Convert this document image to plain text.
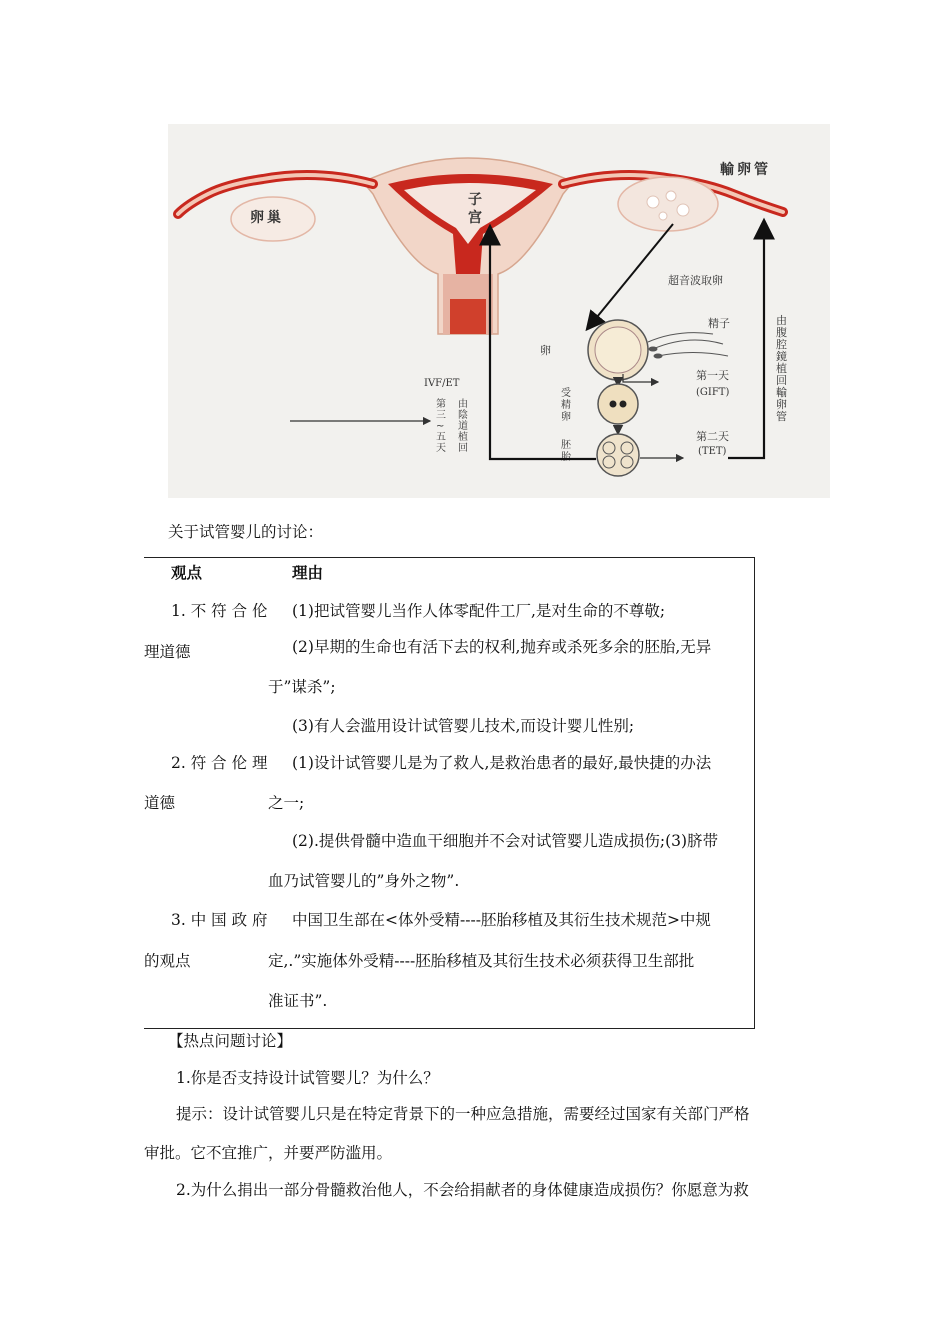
輸卵管
卵巢
子
宫
超音波取卵
卵
精子
第一天
(GIFT)
受
精
卵
胚
胎
第二天
(TET)
IVF/ET
第
三
~
五
天
由
陰
道
植
回
由
腹
腔
鏡
植
回
輸
卵
管
关于试管婴儿的讨论：
观点	理由
1. 不 符 合 伦
理道德
(1)把试管婴儿当作人体零配件工厂,是对生命的不尊敬;
(2)早期的生命也有活下去的权利,抛弃或杀死多余的胚胎,无异
于”谋杀”;
(3)有人会滥用设计试管婴儿技术,而设计婴儿性别;
2. 符 合 伦 理
道德
(1)设计试管婴儿是为了救人,是救治患者的最好,最快捷的办法
之一;
(2).提供骨髓中造血干细胞并不会对试管婴儿造成损伤;(3)脐带
血乃试管婴儿的”身外之物”.
3. 中 国 政 府
的观点
中国卫生部在<体外受精----胚胎移植及其衍生技术规范>中规
定,.”实施体外受精----胚胎移植及其衍生技术必须获得卫生部批
准证书”.
【热点问题讨论】
1.你是否支持设计试管婴儿？为什么？
提示：设计试管婴儿只是在特定背景下的一种应急措施，需要经过国家有关部门严格
审批。它不宜推广，并要严防滥用。
2.为什么捐出一部分骨髓救治他人，不会给捐献者的身体健康造成损伤？你愿意为救
